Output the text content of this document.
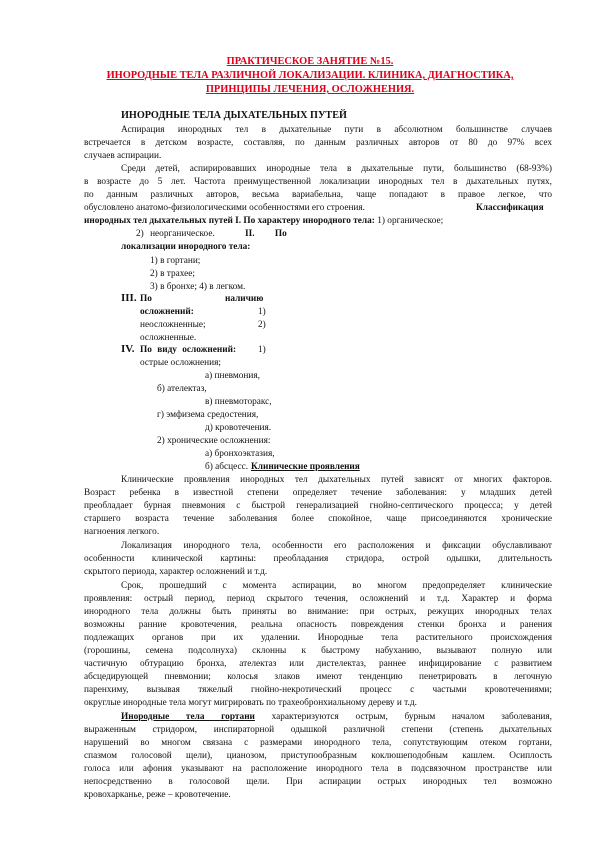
ПРАКТИЧЕСКОЕ ЗАНЯТИЕ №15.
ИНОРОДНЫЕ ТЕЛА РАЗЛИЧНОЙ ЛОКАЛИЗАЦИИ. КЛИНИКА, ДИАГНОСТИКА,
ПРИНЦИПЫ ЛЕЧЕНИЯ, ОСЛОЖНЕНИЯ.
ИНОРОДНЫЕ ТЕЛА ДЫХАТЕЛЬНЫХ ПУТЕЙ
Аспирация инородных тел в дыхательные пути в абсолютном большинстве случаев
встречается в детском возрасте, составляя, по данным различных авторов от 80 до 97% всех
случаев аспирации.
Среди детей, аспирировавших инородные тела в дыхательные пути, большинство (68-93%)
в возрасте до 5 лет. Частота преимущественной локализации инородных тел в дыхательных путях,
по данным различных авторов, весьма вариабельна, чаще попадают в правое легкое, что
обусловлено анатомо-физиологическими особенностями его строения.	Классификация
инородных тел дыхательных путей I. По характеру инородного тела: 1) органическое;
2) неорганическое.	II. По
локализации инородного тела:
1) в гортани;
2) в трахее;
3) в бронхе; 4) в легком.
III. По	наличию
осложнений:	1)
неосложненные;	2)
осложненные.
IV. По виду осложнений: 1)
острые осложнения;
а) пневмония,
б) ателектаз,
в) пневмоторакс,
г) эмфизема средостения,
д) кровотечения.
2) хронические осложнения:
а) бронхоэктазия,
б) абсцесс. Клинические проявления
Клинические проявления инородных тел дыхательных путей зависят от многих факторов.
Возраст ребенка в известной степени определяет течение заболевания: у младших детей
преобладает бурная пневмония с быстрой генерализацией гнойно-септического процесса; у детей
старшего возраста течение заболевания более спокойное, чаще присоединяются хронические
нагноения легкого.
Локализация инородного тела, особенности его расположения и фиксации обуславливают
особенности клинической картины: преобладания стридора, острой одышки, длительность
скрытого периода, характер осложнений и т.д.
Срок, прошедший с момента аспирации, во многом предопределяет клинические
проявления: острый период, период скрытого течения, осложнений и т.д. Характер и форма
инородного тела должны быть приняты во внимание: при острых, режущих инородных телах
возможны ранние кровотечения, реальна опасность повреждения стенки бронха и ранения
подлежащих органов при их удалении. Инородные тела растительного происхождения
(горошины, семена подсолнуха) склонны к быстрому набуханию, вызывают полную или
частичную обтурацию бронха, ателектаз или дистелектаз, раннее инфицирование с развитием
абсцедирующей пневмонии; колосья злаков имеют тенденцию пенетрировать в легочную
паренхиму, вызывая тяжелый гнойно-некротический процесс с частыми кровотечениями;
округлые инородные тела могут мигрировать по трахеобронхиальному дереву и т.д.
Инородные тела гортани характеризуются острым, бурным началом заболевания,
выраженным стридором, инспираторной одышкой различной степени (степень дыхательных
нарушений во многом связана с размерами инородного тела, сопутствующим отеком гортани,
спазмом голосовой щели), цианозом, приступообразным коклюшеподобным кашлем. Осиплость
голоса или афония указывают на расположение инородного тела в подсвязочном пространстве или
непосредственно в голосовой щели. При аспирации острых инородных тел возможно
кровохарканье, реже – кровотечение.
